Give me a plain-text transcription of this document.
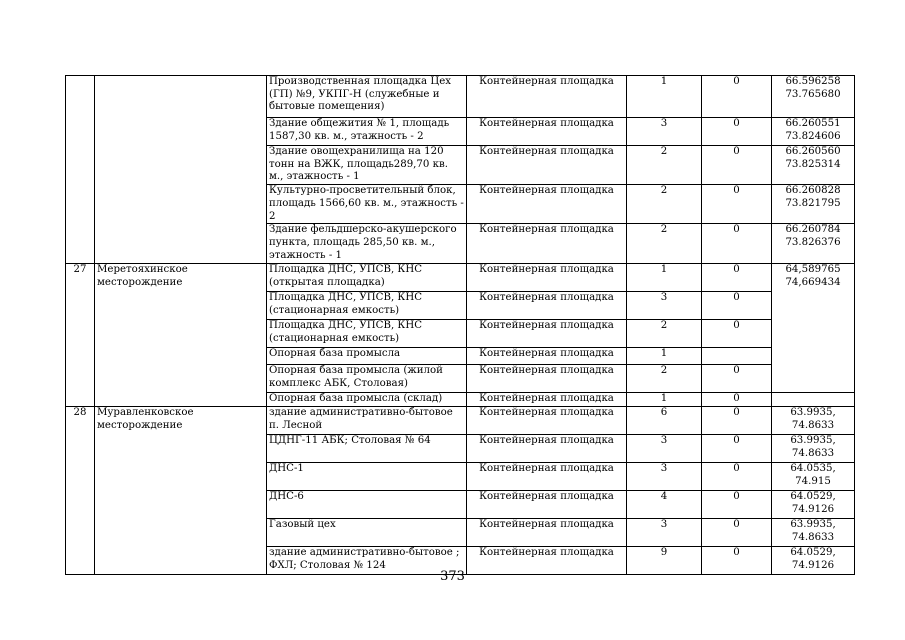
		Производственная площадка Цех (ГП) №9, УКПГ-Н (служебные и бытовые помещения)	Контейнерная площадка	1	0	66.596258
73.765680

		Здание общежития № 1, площадь 1587,30 кв. м., этажность - 2	Контейнерная площадка	3	0	66.260551
73.824606

		Здание овощехранилища на 120 тонн на ВЖК, площадь289,70 кв. м., этажность - 1	Контейнерная площадка	2	0	66.260560
73.825314

		Культурно-просветительный блок, площадь 1566,60 кв. м., этажность - 2	Контейнерная площадка	2	0	66.260828
73.821795

		Здание фельдшерско-акушерского пункта, площадь 285,50 кв. м., этажность - 1	Контейнерная площадка	2	0	66.260784
73.826376

27	Меретояхинское месторождение	Площадка ДНС, УПСВ, КНС (открытая площадка)	Контейнерная площадка	1	0	64,589765
74,669434

		Площадка ДНС, УПСВ, КНС (стационарная емкость)	Контейнерная площадка	3	0	
		Площадка ДНС, УПСВ, КНС (стационарная емкость)	Контейнерная площадка	2	0	
		Опорная база промысла	Контейнерная площадка	1		
		Опорная база промысла (жилой комплекс АБК, Столовая)	Контейнерная площадка	2	0	
		Опорная база промысла (склад)	Контейнерная площадка	1	0	
28	Муравленковское месторождение	здание административно-бытовое п. Лесной	Контейнерная площадка	6	0	63.9935,
74.8633

		ЦДНГ-11 АБК; Столовая № 64	Контейнерная площадка	3	0	63.9935,
74.8633

		ДНС-1	Контейнерная площадка	3	0	64.0535,
74.915

		ДНС-6	Контейнерная площадка	4	0	64.0529,
74.9126

		Газовый цех	Контейнерная площадка	3	0	63.9935,
74.8633

		здание административно-бытовое ; ФХЛ; Столовая № 124	Контейнерная площадка	9	0	64.0529,
74.9126
373
